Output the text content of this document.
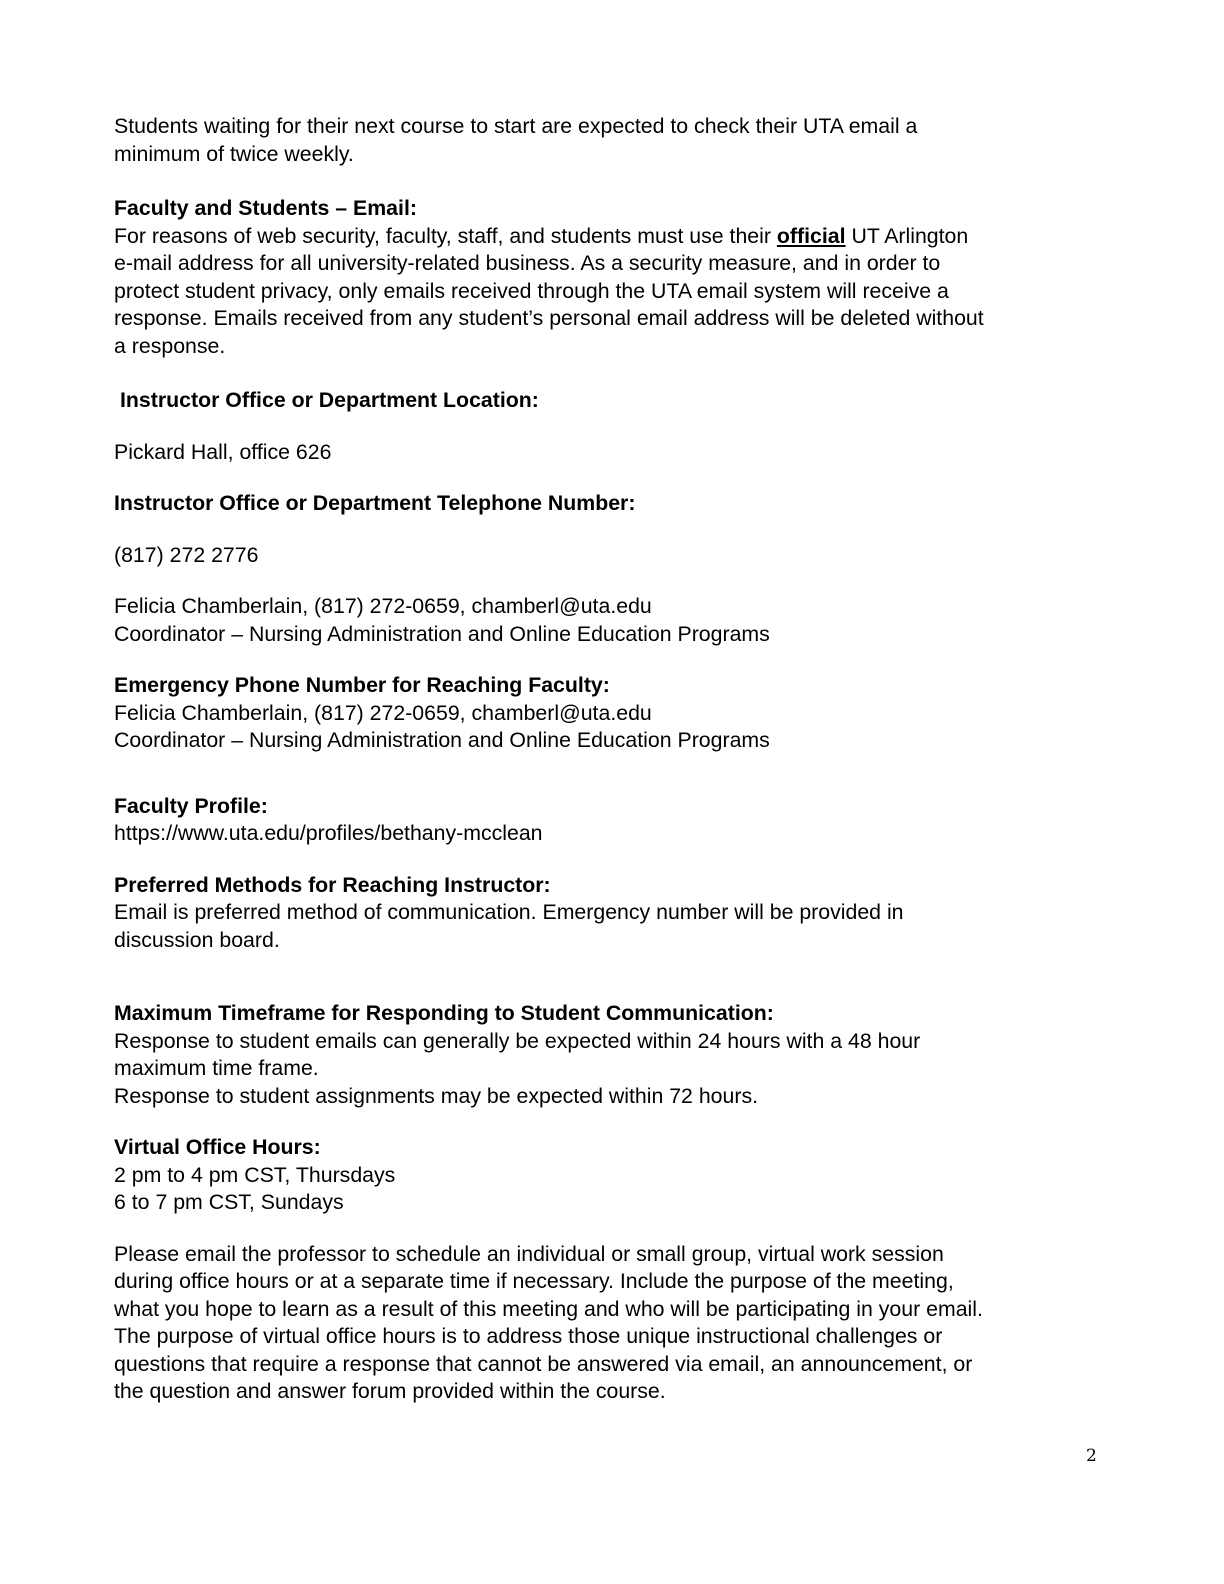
Students waiting for their next course to start are expected to check their UTA email a

minimum of twice weekly.

Faculty and Students – Email:

For reasons of web security, faculty, staff, and students must use their official UT Arlington

e-mail address for all university-related business. As a security measure, and in order to

protect student privacy, only emails received through the UTA email system will receive a

response. Emails received from any student’s personal email address will be deleted without

a response.

Instructor Office or Department Location:

Pickard Hall, office 626

Instructor Office or Department Telephone Number:

(817) 272 2776

Felicia Chamberlain, (817) 272-0659, chamberl@uta.edu

Coordinator – Nursing Administration and Online Education Programs

Emergency Phone Number for Reaching Faculty:

Felicia Chamberlain, (817) 272-0659, chamberl@uta.edu

Coordinator – Nursing Administration and Online Education Programs

Faculty Profile:

https://www.uta.edu/profiles/bethany-mcclean

Preferred Methods for Reaching Instructor:

Email is preferred method of communication. Emergency number will be provided in

discussion board.

Maximum Timeframe for Responding to Student Communication:

Response to student emails can generally be expected within 24 hours with a 48 hour

maximum time frame.

Response to student assignments may be expected within 72 hours.

Virtual Office Hours:

2 pm to 4 pm CST, Thursdays

6 to 7 pm CST, Sundays

Please email the professor to schedule an individual or small group, virtual work session

during office hours or at a separate time if necessary. Include the purpose of the meeting,

what you hope to learn as a result of this meeting and who will be participating in your email.

The purpose of virtual office hours is to address those unique instructional challenges or

questions that require a response that cannot be answered via email, an announcement, or

the question and answer forum provided within the course.

2
